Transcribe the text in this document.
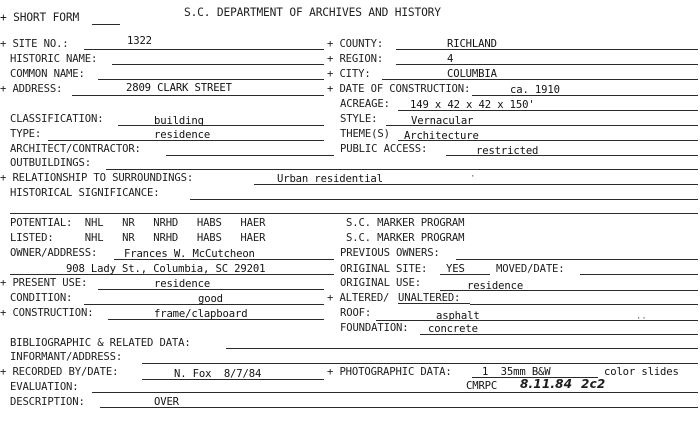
+ SHORT FORM	S.C. DEPARTMENT OF ARCHIVES AND HISTORY
+ SITE NO.:	1322	+ COUNTY:	RICHLAND
HISTORIC NAME:	+ REGION:	4
COMMON NAME:	+ CITY:	COLUMBIA
+ ADDRESS:	2809 CLARK STREET	+ DATE OF CONSTRUCTION:	ca. 1910
ACREAGE: 149 x 42 x 42 x 150'
CLASSIFICATION:	building	STYLE:	Vernacular
TYPE:	residence	THEME(S) Architecture
ARCHITECT/CONTRACTOR:	PUBLIC ACCESS:	restricted
OUTBUILDINGS:
+ RELATIONSHIP TO SURROUNDINGS:	Urban residential	·
HISTORICAL SIGNIFICANCE:
POTENTIAL:  NHL   NR   NRHD   HABS   HAER	S.C. MARKER PROGRAM
LISTED:     NHL   NR   NRHD   HABS   HAER	S.C. MARKER PROGRAM
OWNER/ADDRESS:	Frances W. McCutcheon	PREVIOUS OWNERS:
908 Lady St., Columbia, SC 29201	ORIGINAL SITE: YES	MOVED/DATE:
+ PRESENT USE:	residence	ORIGINAL USE:	residence
CONDITION:	good	+ ALTERED/ UNALTERED:
+ CONSTRUCTION:	frame/clapboard	ROOF:	asphalt	··
FOUNDATION: concrete
BIBLIOGRAPHIC & RELATED DATA:
INFORMANT/ADDRESS:
+ RECORDED BY/DATE:	N. Fox  8/7/84	+ PHOTOGRAPHIC DATA:	1  35mm B&W	color slides
EVALUATION:	CMRPC 8.11.84  2c2
DESCRIPTION:	OVER
